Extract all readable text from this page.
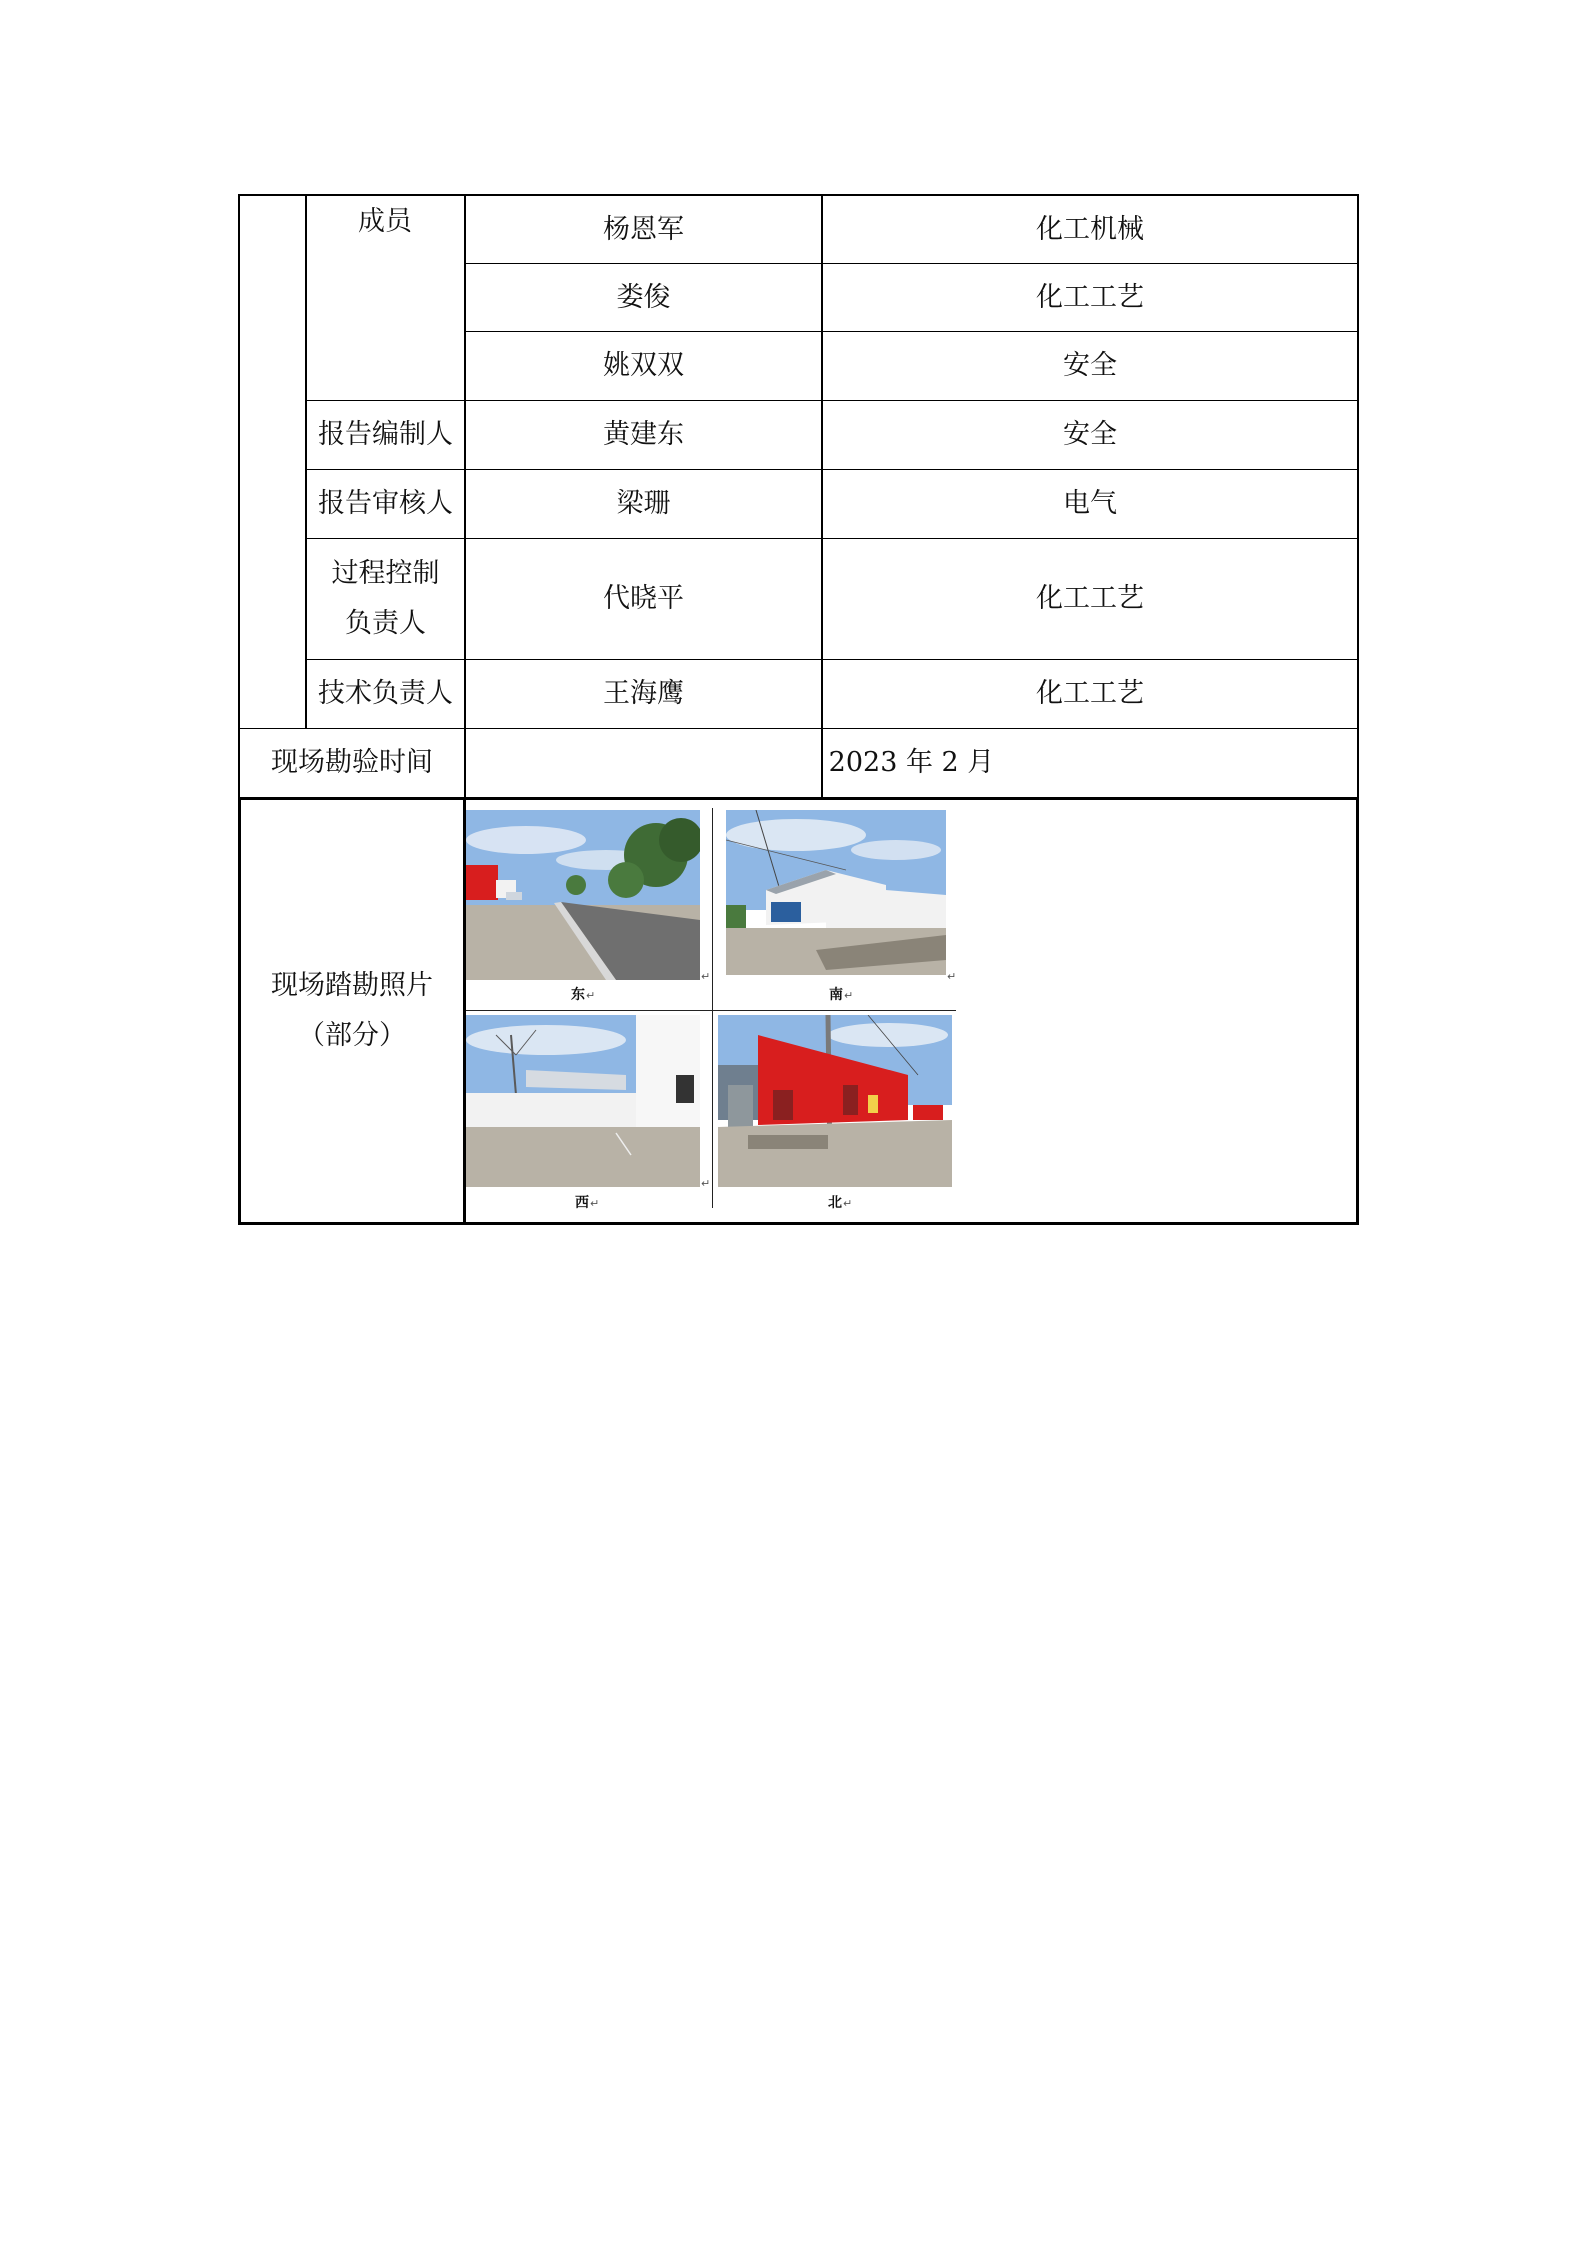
成员	杨恩军	化工机械
娄俊	化工工艺
姚双双	安全
报告编制人	黄建东	安全
报告审核人	梁珊	电气
过程控制
负责人
代晓平	化工工艺
技术负责人	王海鹰	化工工艺
现场勘验时间	2023 年 2 月
现场踏勘照片
（部分）
东↵	南↵
西↵	北↵
↵	↵
↵
